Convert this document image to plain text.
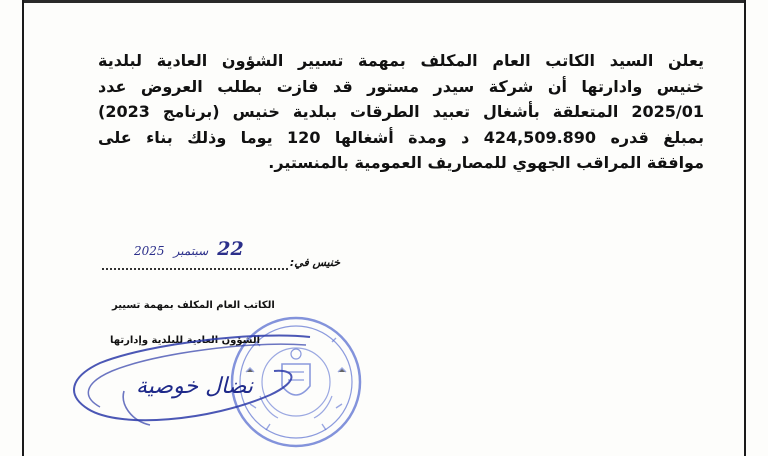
يعلن السيد الكاتب العام المكلف بمهمة تسيير الشؤون العادية لبلدية
خنيس وادارتها أن شركة سيدر مستور قد فازت بطلب العروض عدد
2025/01 المتعلقة بأشغال تعبيد الطرقات ببلدية خنيس (برنامج 2023)
بمبلغ قدره 424,509.890 د ومدة أشغالها 120 يوما وذلك بناء على
موافقة المراقب الجهوي للمصاريف العمومية بالمنستير.
خنيس في:
22 سبتمبر 2025
الكاتب العام المكلف بمهمة تسيير
الشؤون العادية للبلدية وإدارتها
نضال خوصية
